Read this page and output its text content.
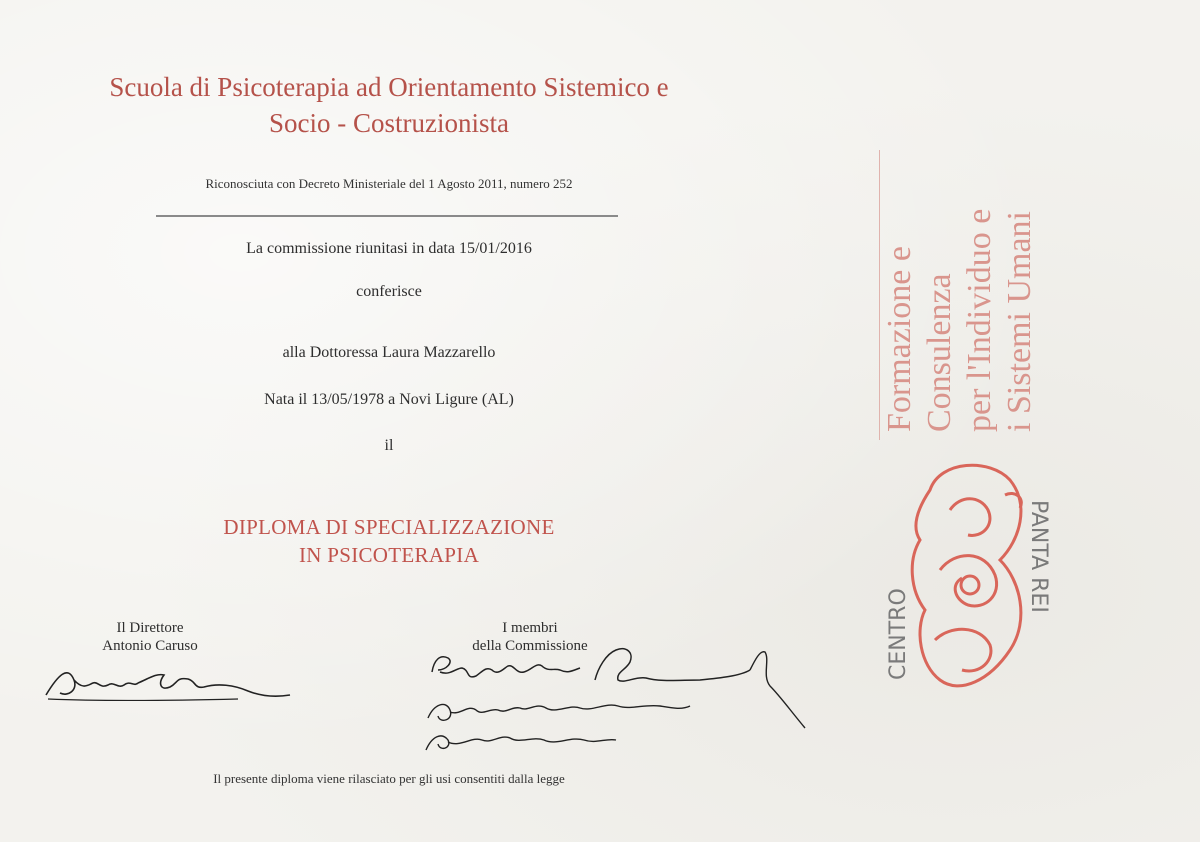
Scuola di Psicoterapia ad Orientamento Sistemico e
Socio - Costruzionista
Riconosciuta con Decreto Ministeriale del 1 Agosto 2011, numero 252
La commissione riunitasi in data 15/01/2016
conferisce
alla Dottoressa Laura Mazzarello
Nata il 13/05/1978 a Novi Ligure (AL)
il
DIPLOMA DI SPECIALIZZAZIONE
IN PSICOTERAPIA
Il Direttore
Antonio Caruso
I membri
della Commissione
Il presente diploma viene rilasciato per gli usi consentiti dalla legge
Formazione e Consulenza per l'Individuo e i Sistemi Umani
CENTRO
PANTA REI
